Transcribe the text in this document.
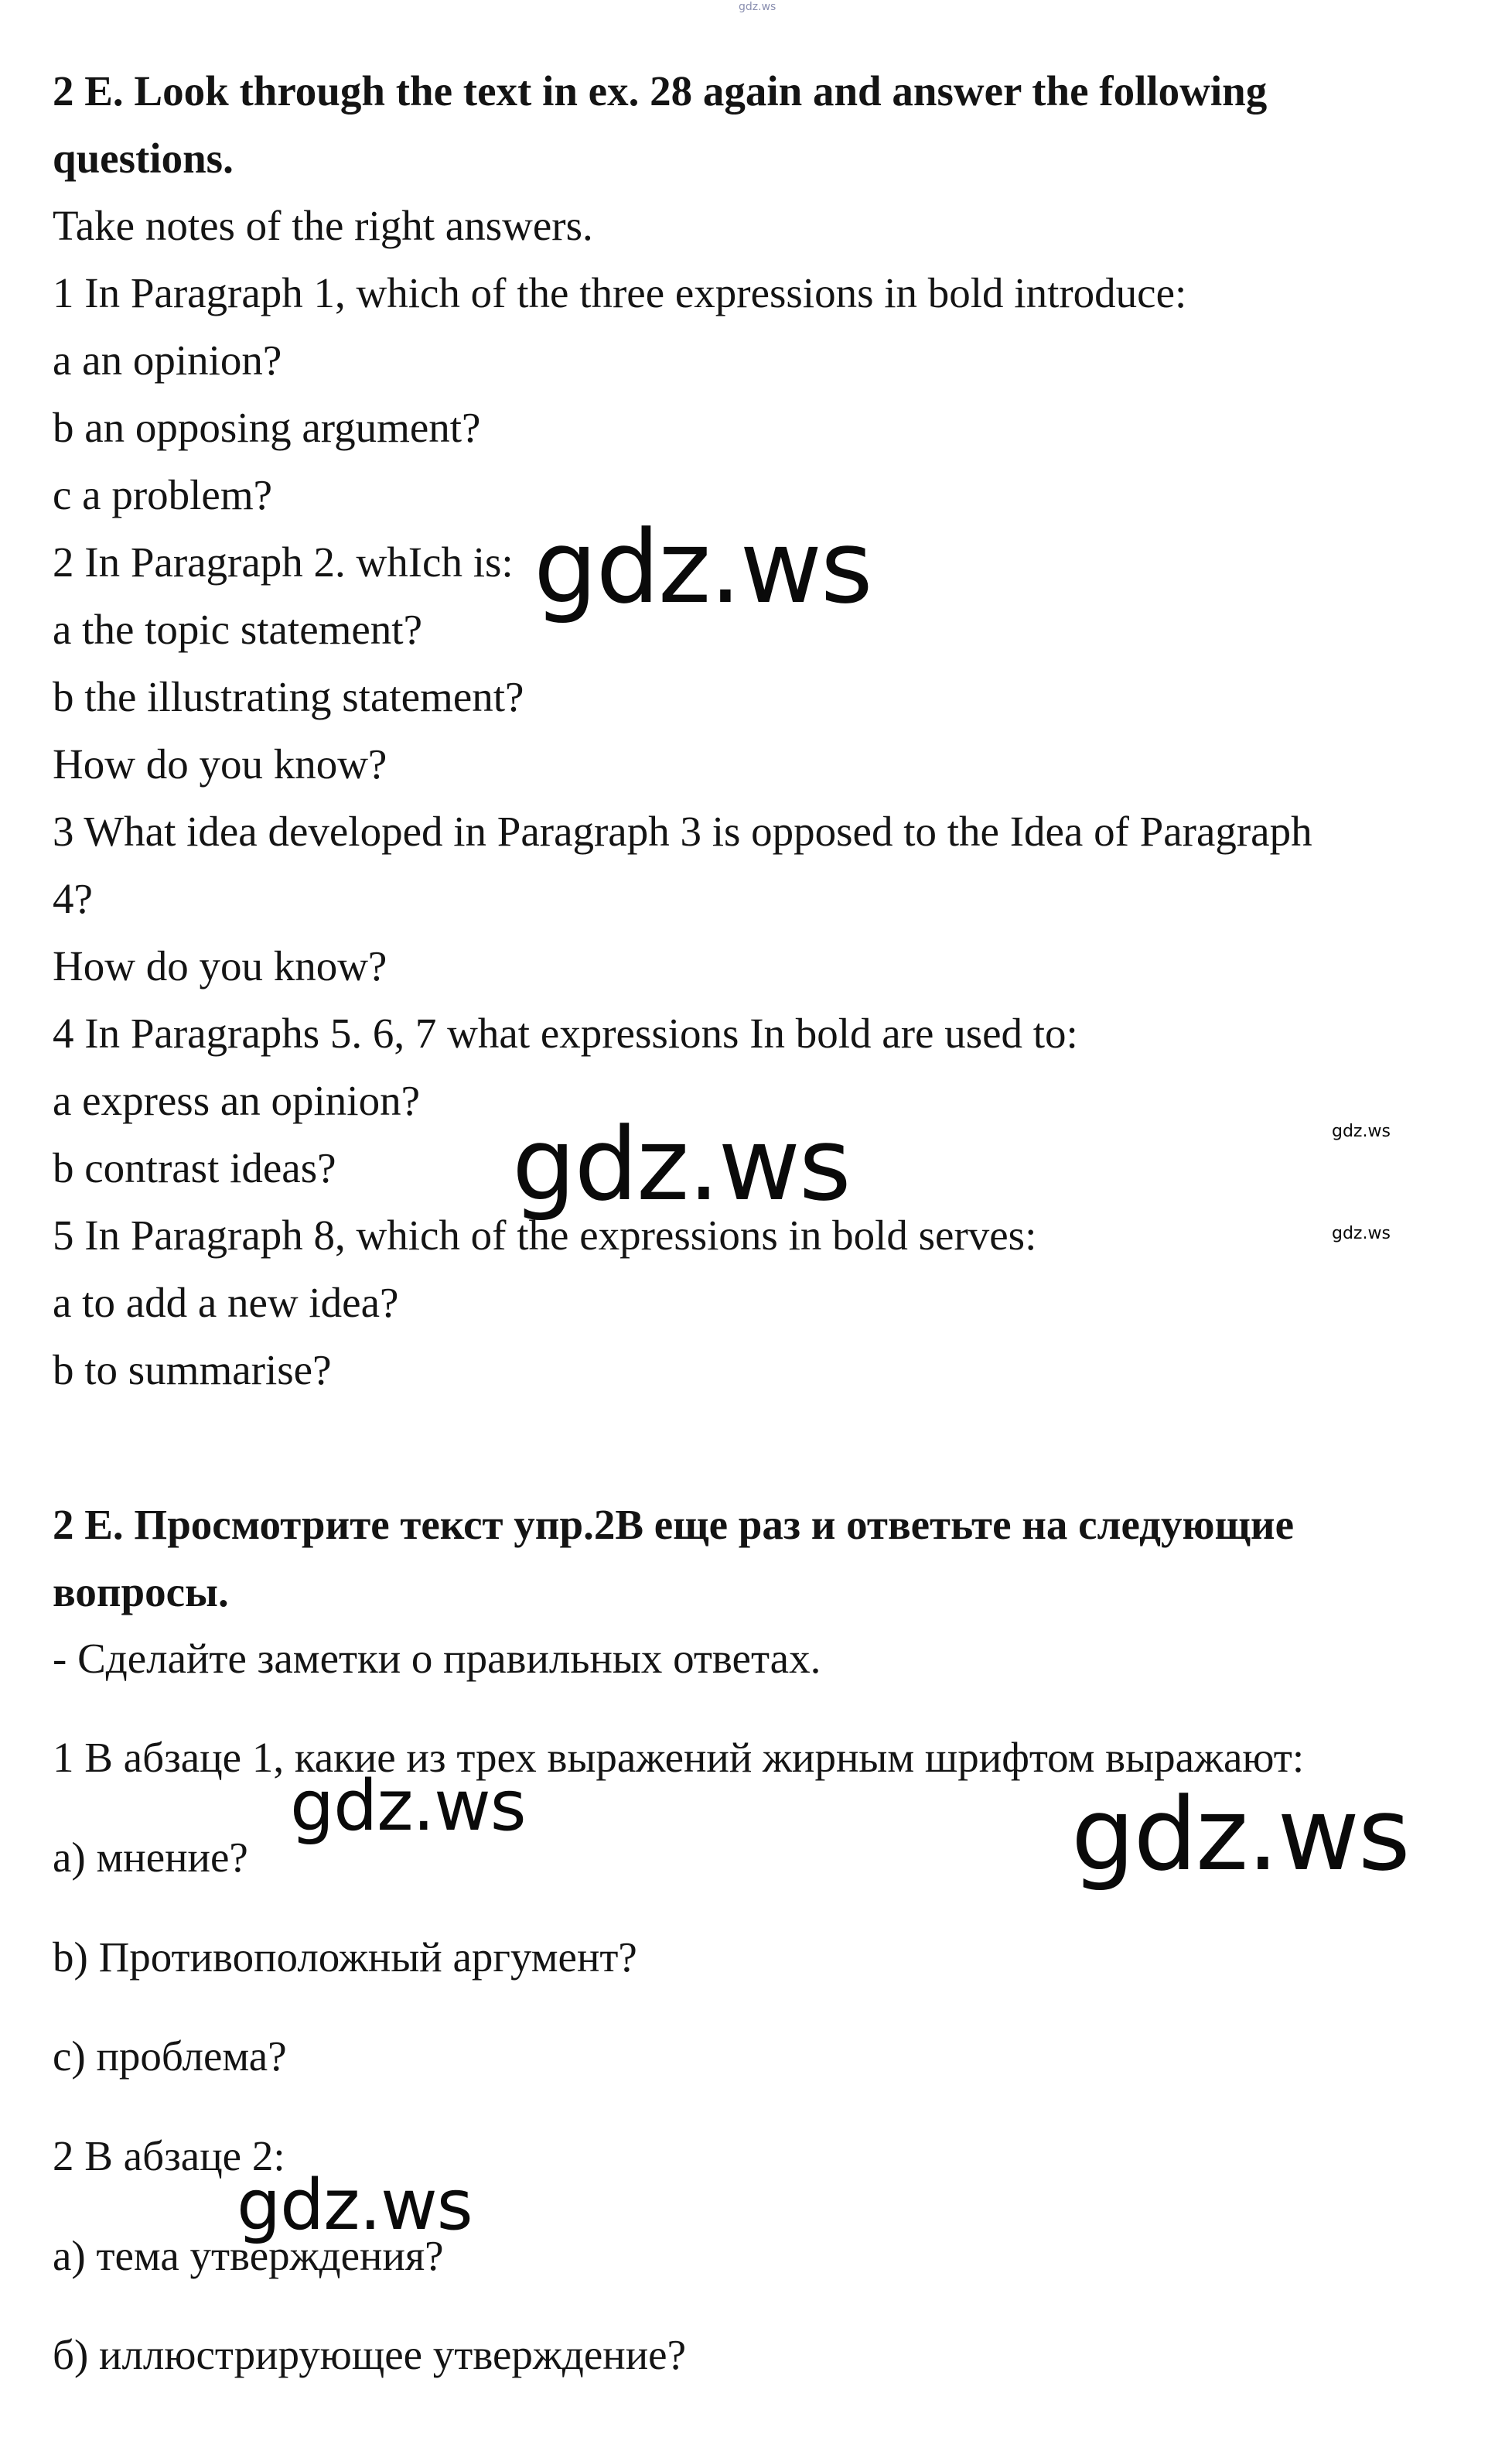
gdz.ws

2 E. Look through the text in ex. 28 again and answer the following

questions.

Take notes of the right answers.

1 In Paragraph 1, which of the three expressions in bold introduce:

a an opinion?

b an opposing argument?

c a problem?

2 In Paragraph 2. whIch is:

a the topic statement?

b the illustrating statement?

How do you know?

3 What idea developed in Paragraph 3 is opposed to the Idea of Paragraph

4?

How do you know?

4 In Paragraphs 5. 6, 7 what expressions In bold are used to:

a express an opinion?

b contrast ideas?

5 In Paragraph 8, which of the expressions in bold serves:

a to add a new idea?

b to summarise?

2 E. Просмотрите текст упр.2В еще раз и ответьте на следующие

вопросы.

- Сделайте заметки о правильных ответах.

1 В абзаце 1, какие из трех выражений жирным шрифтом выражают:

а) мнение?

b) Противоположный аргумент?

с) проблема?

2 В абзаце 2:

а) тема утверждения?

б) иллюстрирующее утверждение?

gdz.ws
gdz.ws
gdz.ws	gdz.ws
gdz.ws
gdz.ws
gdz.ws
